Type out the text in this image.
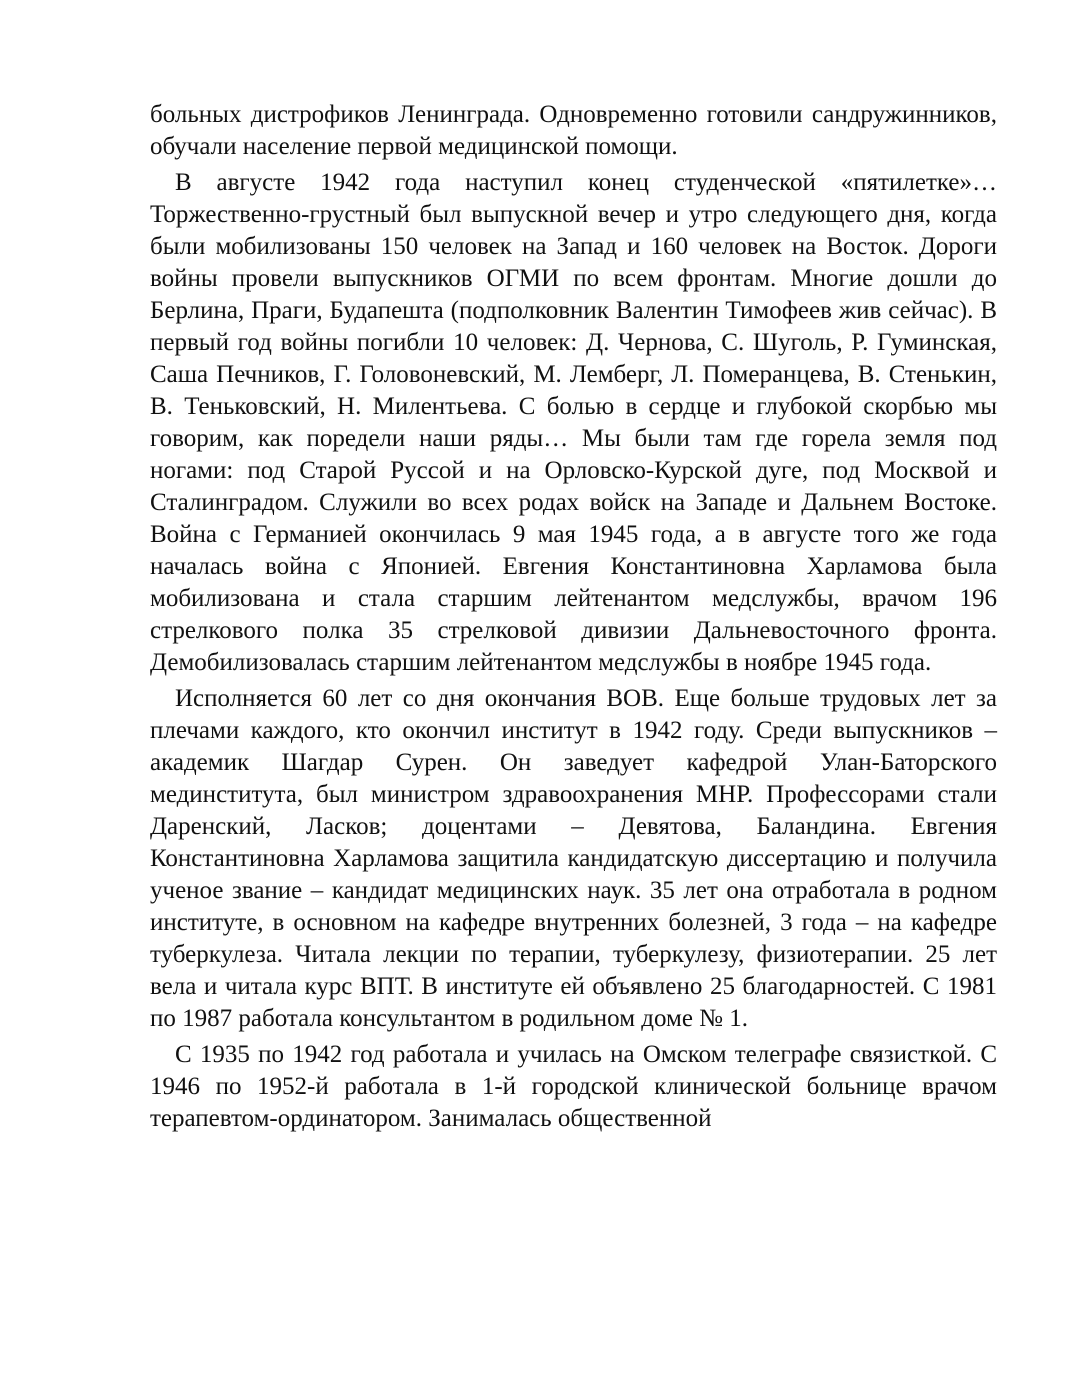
больных дистрофиков Ленинграда. Одновременно готовили сандружинников, обучали население первой медицинской помощи.

В августе 1942 года наступил конец студенческой «пятилетке»… Торжественно-грустный был выпускной вечер и утро следующего дня, когда были мобилизованы 150 человек на Запад и 160 человек на Восток. Дороги войны провели выпускников ОГМИ по всем фронтам. Многие дошли до Берлина, Праги, Будапешта (подполковник Валентин Тимофеев жив сейчас). В первый год войны погибли 10 человек: Д. Чернова, С. Шуголь, Р. Гуминская, Саша Печников, Г. Головоневский, М. Лемберг, Л. Померанцева, В. Стенькин, В. Теньковский, Н. Милентьева. С болью в сердце и глубокой скорбью мы говорим, как поредели наши ряды… Мы были там где горела земля под ногами: под Старой Руссой и на Орловско-Курской дуге, под Москвой и Сталинградом. Служили во всех родах войск на Западе и Дальнем Востоке. Война с Германией окончилась 9 мая 1945 года, а в августе того же года началась война с Японией. Евгения Константиновна Харламова была мобилизована и стала старшим лейтенантом медслужбы, врачом 196 стрелкового полка 35 стрелковой дивизии Дальневосточного фронта. Демобилизовалась старшим лейтенантом медслужбы в ноябре 1945 года.

Исполняется 60 лет со дня окончания ВОВ. Еще больше трудовых лет за плечами каждого, кто окончил институт в 1942 году. Среди выпускников – академик Шагдар Сурен. Он заведует кафедрой Улан-Баторского мединститута, был министром здравоохранения МНР. Профессорами стали Даренский, Ласков; доцентами – Девятова, Баландина. Евгения Константиновна Харламова защитила кандидатскую диссертацию и получила ученое звание – кандидат медицинских наук. 35 лет она отработала в родном институте, в основном на кафедре внутренних болезней, 3 года – на кафедре туберкулеза. Читала лекции по терапии, туберкулезу, физиотерапии. 25 лет вела и читала курс ВПТ. В институте ей объявлено 25 благодарностей. С 1981 по 1987 работала консультантом в родильном доме № 1.

С 1935 по 1942 год работала и училась на Омском телеграфе связисткой. С 1946 по 1952-й работала в 1-й городской клинической больнице врачом терапевтом-ординатором. Занималась общественной
